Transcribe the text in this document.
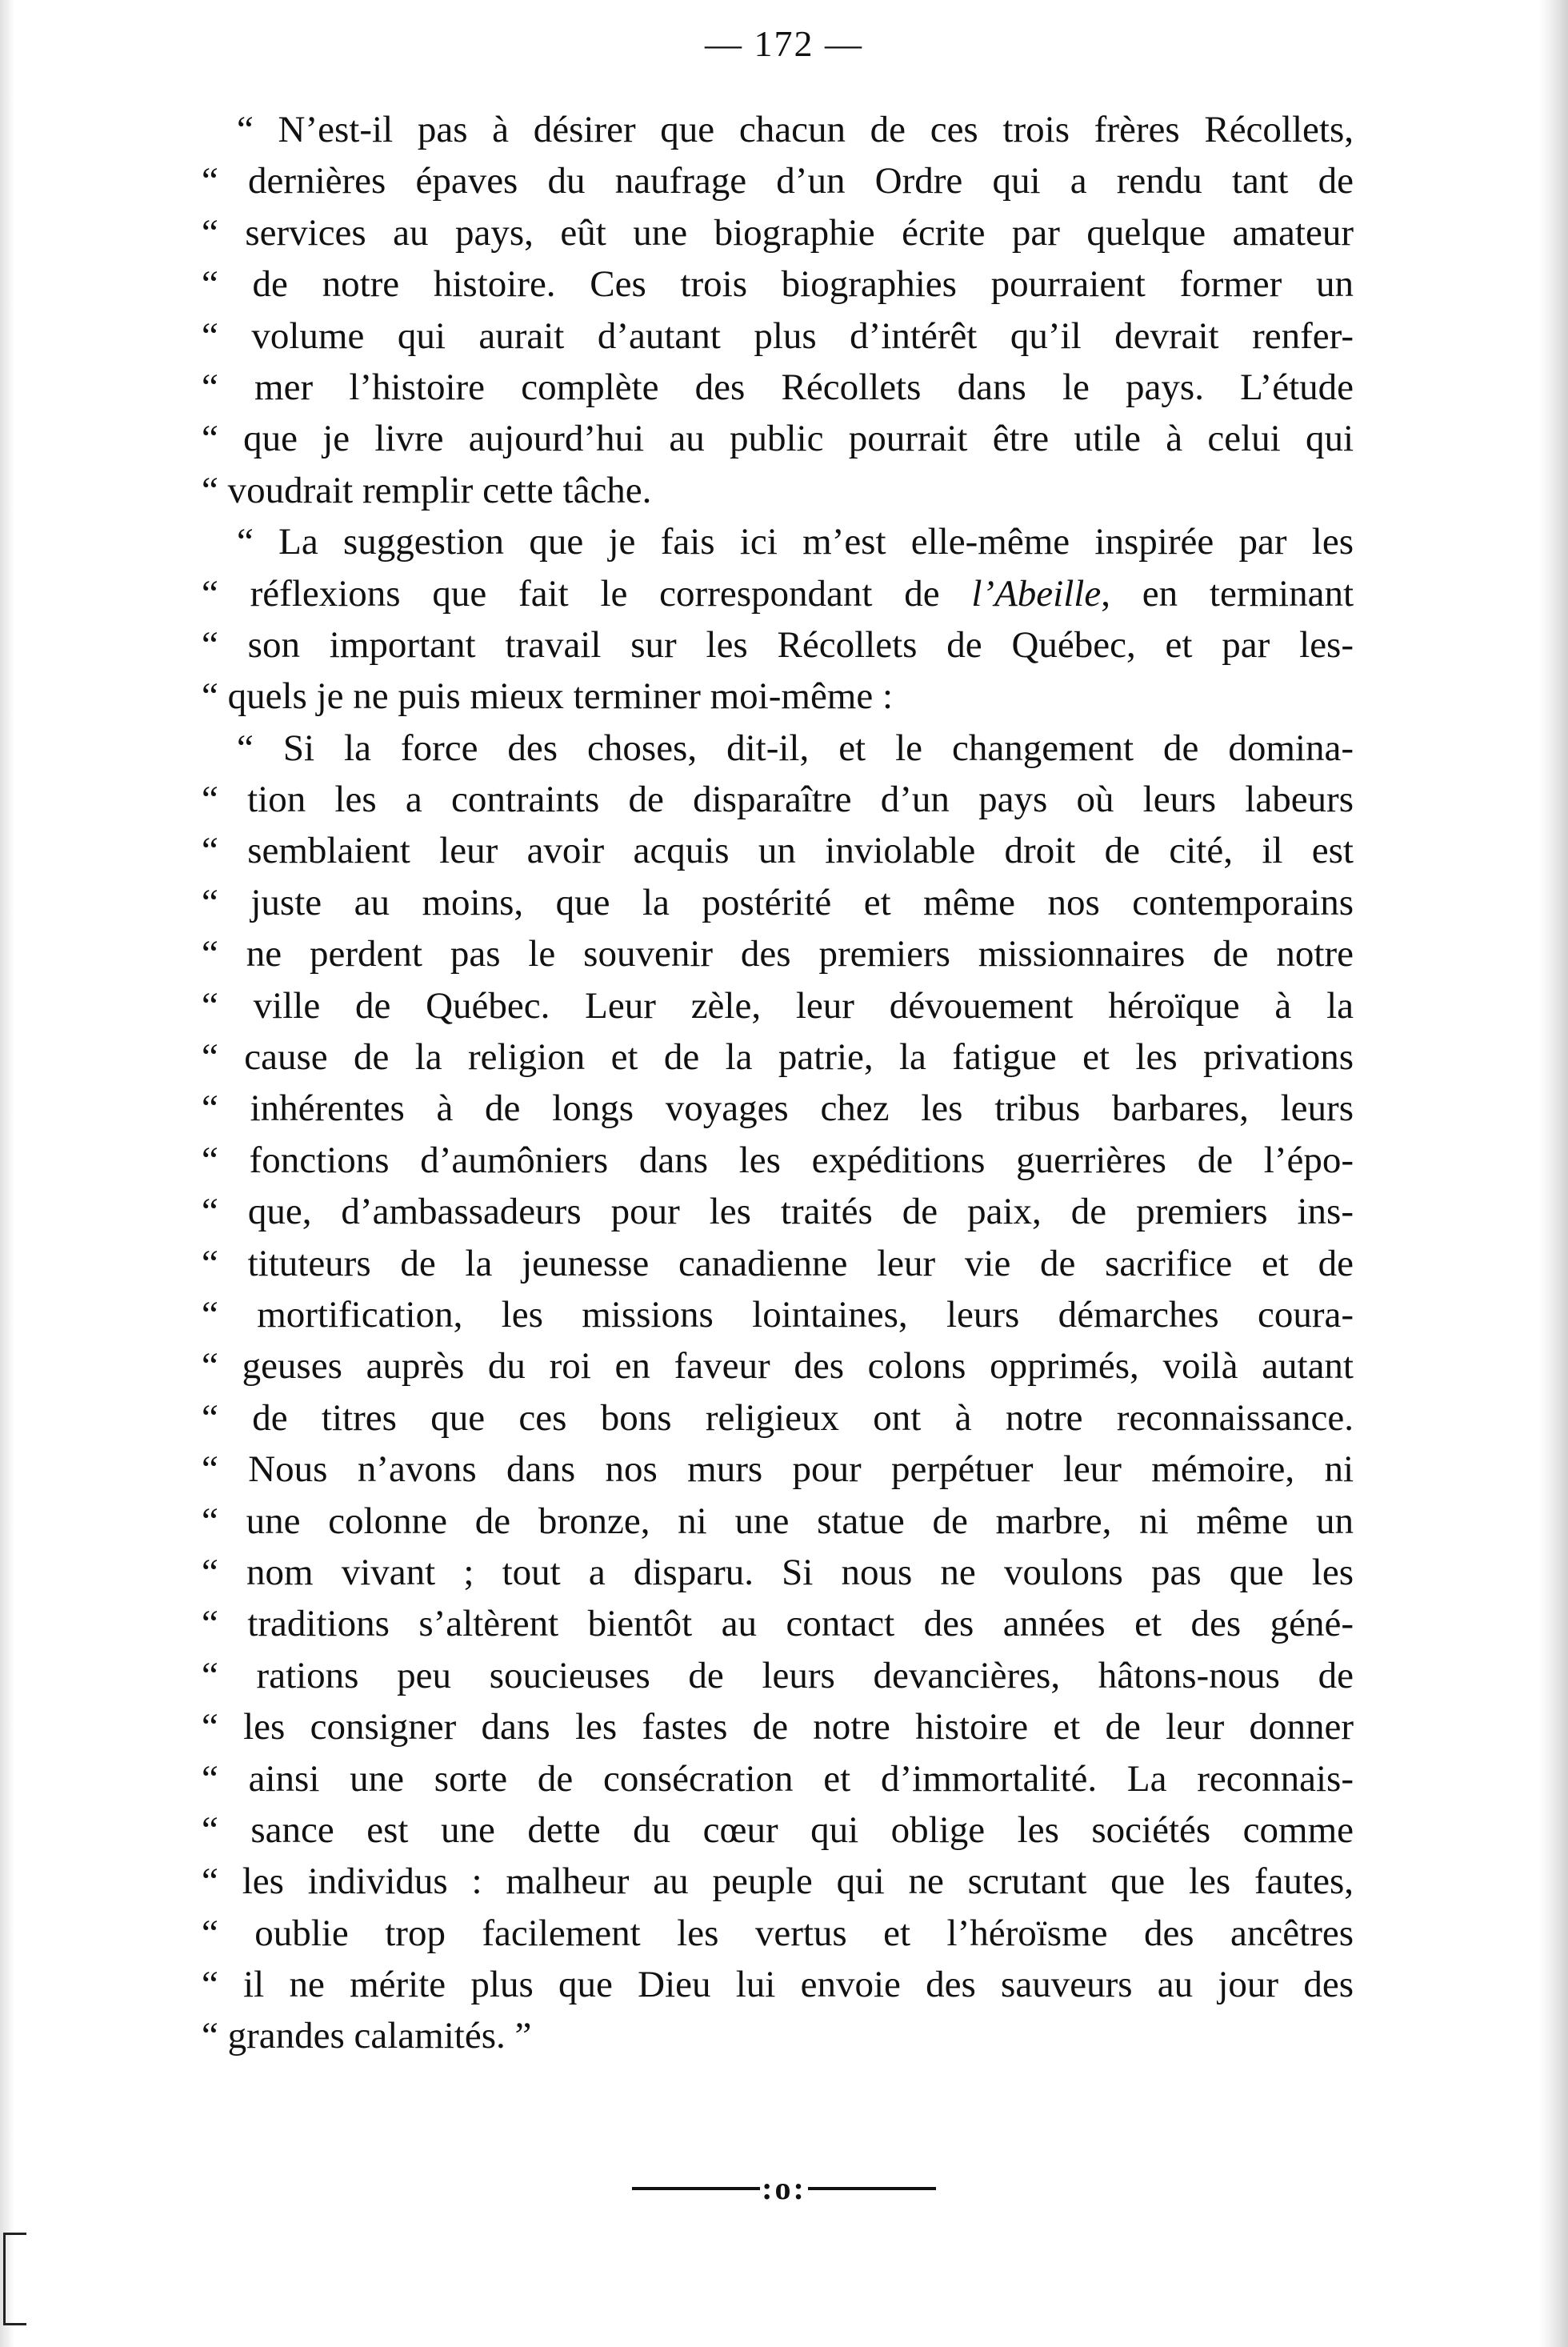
— 172 —
“ N’est-il pas à désirer que chacun de ces trois frères Récollets,
“ dernières épaves du naufrage d’un Ordre qui a rendu tant de
“ services au pays, eût une biographie écrite par quelque amateur
“ de notre histoire. Ces trois biographies pourraient former un
“ volume qui aurait d’autant plus d’intérêt qu’il devrait renfer-
“ mer l’histoire complète des Récollets dans le pays. L’étude
“ que je livre aujourd’hui au public pourrait être utile à celui qui
“ voudrait remplir cette tâche.
“ La suggestion que je fais ici m’est elle-même inspirée par les
“ réflexions que fait le correspondant de l’Abeille, en terminant
“ son important travail sur les Récollets de Québec, et par les-
“ quels je ne puis mieux terminer moi-même :
“ Si la force des choses, dit-il, et le changement de domina-
“ tion les a contraints de disparaître d’un pays où leurs labeurs
“ semblaient leur avoir acquis un inviolable droit de cité, il est
“ juste au moins, que la postérité et même nos contemporains
“ ne perdent pas le souvenir des premiers missionnaires de notre
“ ville de Québec. Leur zèle, leur dévouement héroïque à la
“ cause de la religion et de la patrie, la fatigue et les privations
“ inhérentes à de longs voyages chez les tribus barbares, leurs
“ fonctions d’aumôniers dans les expéditions guerrières de l’épo-
“ que, d’ambassadeurs pour les traités de paix, de premiers ins-
“ tituteurs de la jeunesse canadienne leur vie de sacrifice et de
“ mortification, les missions lointaines, leurs démarches coura-
“ geuses auprès du roi en faveur des colons opprimés, voilà autant
“ de titres que ces bons religieux ont à notre reconnaissance.
“ Nous n’avons dans nos murs pour perpétuer leur mémoire, ni
“ une colonne de bronze, ni une statue de marbre, ni même un
“ nom vivant ; tout a disparu. Si nous ne voulons pas que les
“ traditions s’altèrent bientôt au contact des années et des géné-
“ rations peu soucieuses de leurs devancières, hâtons-nous de
“ les consigner dans les fastes de notre histoire et de leur donner
“ ainsi une sorte de consécration et d’immortalité. La reconnais-
“ sance est une dette du cœur qui oblige les sociétés comme
“ les individus : malheur au peuple qui ne scrutant que les fautes,
“ oublie trop facilement les vertus et l’héroïsme des ancêtres
“ il ne mérite plus que Dieu lui envoie des sauveurs au jour des
“ grandes calamités. ”
:o:
